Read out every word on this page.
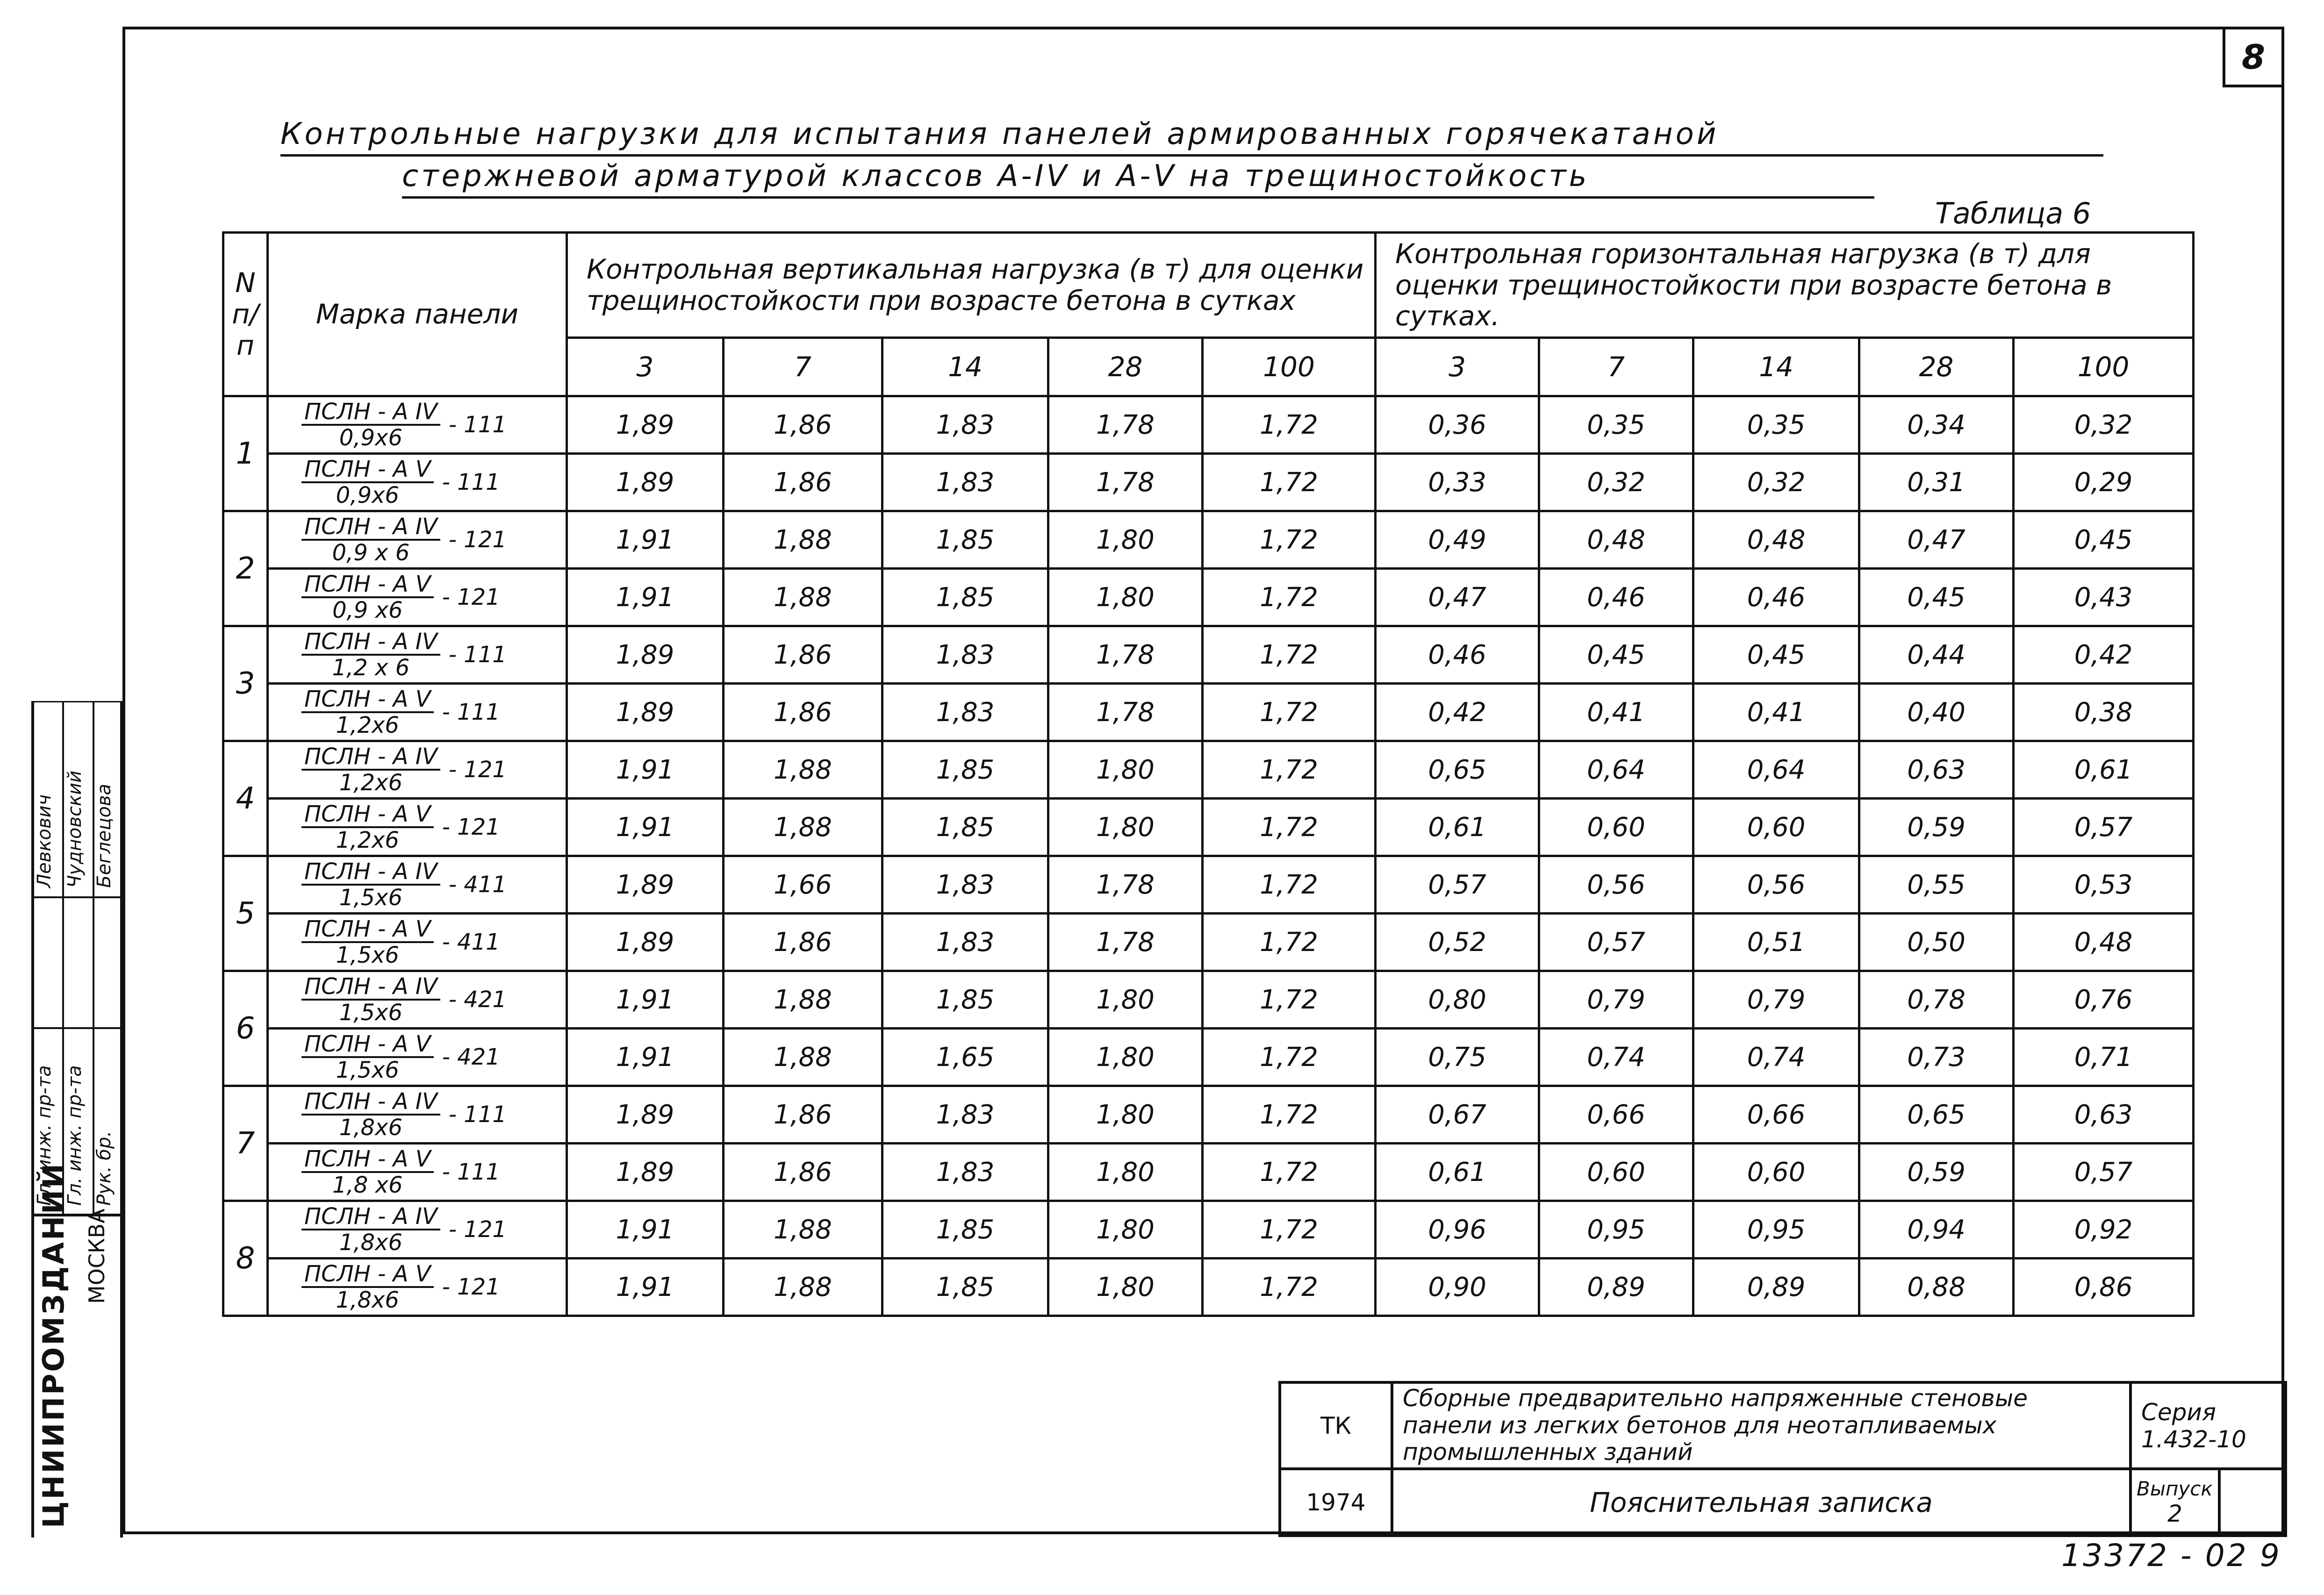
8
Контрольные нагрузки для испытания панелей армированных горячекатаной
стержневой арматурой классов А-IV и А-V на трещиностойкость
Таблица 6
N п/п	Марка панели	Контрольная вертикальная нагрузка (в т) для оценки трещиностойкости при возрасте бетона в сутках					Контрольная горизонтальная нагрузка (в т) для оценки трещиностойкости при возрасте бетона в сутках.				
		3	7	14	28	100	3	7	14	28	100
1	$\frac{\text{ПСЛН - А IV}}{0,9х6} - 111$	1,89	1,86	1,83	1,78	1,72	0,36	0,35	0,35	0,34	0,32

	$\frac{\text{ПСЛН - А V}}{0,9х6} - 111$	1,89	1,86	1,83	1,78	1,72	0,33	0,32	0,32	0,31	0,29
2	$\frac{\text{ПСЛН - А IV}}{0,9 х 6} - 121$	1,91	1,88	1,85	1,80	1,72	0,49	0,48	0,48	0,47	0,45

	$\frac{\text{ПСЛН - А V}}{0,9 х6} - 121$	1,91	1,88	1,85	1,80	1,72	0,47	0,46	0,46	0,45	0,43
3	$\frac{\text{ПСЛН - А IV}}{1,2 х 6} - 111$	1,89	1,86	1,83	1,78	1,72	0,46	0,45	0,45	0,44	0,42

	$\frac{\text{ПСЛН - А V}}{1,2х6} - 111$	1,89	1,86	1,83	1,78	1,72	0,42	0,41	0,41	0,40	0,38
4	$\frac{\text{ПСЛН - А IV}}{1,2х6} - 121$	1,91	1,88	1,85	1,80	1,72	0,65	0,64	0,64	0,63	0,61

	$\frac{\text{ПСЛН - А V}}{1,2х6} - 121$	1,91	1,88	1,85	1,80	1,72	0,61	0,60	0,60	0,59	0,57
5	$\frac{\text{ПСЛН - А IV}}{1,5х6} - 411$	1,89	1,66	1,83	1,78	1,72	0,57	0,56	0,56	0,55	0,53

	$\frac{\text{ПСЛН - А V}}{1,5х6} - 411$	1,89	1,86	1,83	1,78	1,72	0,52	0,57	0,51	0,50	0,48
6	$\frac{\text{ПСЛН - А IV}}{1,5х6} - 421$	1,91	1,88	1,85	1,80	1,72	0,80	0,79	0,79	0,78	0,76

	$\frac{\text{ПСЛН - А V}}{1,5х6} - 421$	1,91	1,88	1,65	1,80	1,72	0,75	0,74	0,74	0,73	0,71
7	$\frac{\text{ПСЛН - А IV}}{1,8х6} - 111$	1,89	1,86	1,83	1,80	1,72	0,67	0,66	0,66	0,65	0,63

	$\frac{\text{ПСЛН - А V}}{1,8 х6} - 111$	1,89	1,86	1,83	1,80	1,72	0,61	0,60	0,60	0,59	0,57
8	$\frac{\text{ПСЛН - А IV}}{1,8х6} - 121$	1,91	1,88	1,85	1,80	1,72	0,96	0,95	0,95	0,94	0,92

	$\frac{\text{ПСЛН - А V}}{1,8х6} - 121$	1,91	1,88	1,85	1,80	1,72	0,90	0,89	0,89	0,88	0,86
ТК	Сборные предварительно напряженные стеновые панели из легких бетонов для неотапливаемых промышленных зданий	Серия
1.432-10	

1974	Пояснительная записка	Выпуск
2	

13372 - 02 9
Левкович Чудновский Беглецова
Гл. инж. пр-та Гл. инж. пр-та Рук. бр.
ЦНИИПРОМЗДАНИЙ МОСКВА
